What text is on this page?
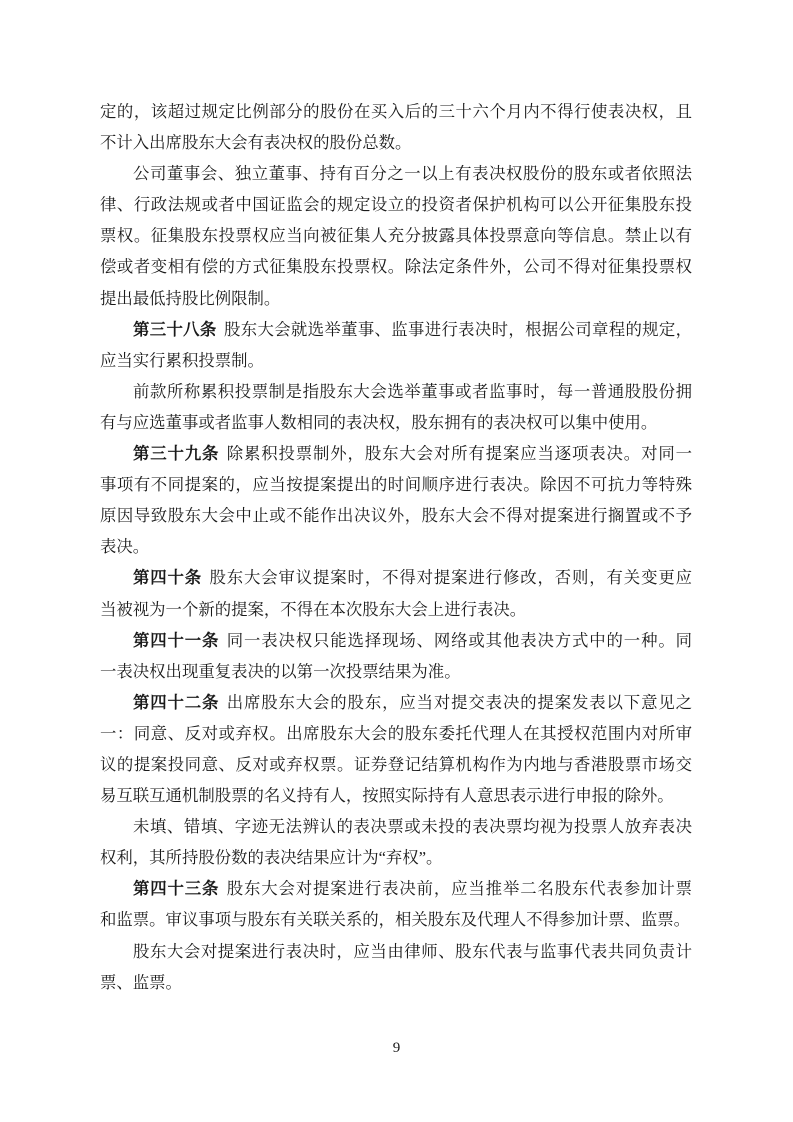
定的，该超过规定比例部分的股份在买入后的三十六个月内不得行使表决权，且
不计入出席股东大会有表决权的股份总数。
公司董事会、独立董事、持有百分之一以上有表决权股份的股东或者依照法
律、行政法规或者中国证监会的规定设立的投资者保护机构可以公开征集股东投
票权。征集股东投票权应当向被征集人充分披露具体投票意向等信息。禁止以有
偿或者变相有偿的方式征集股东投票权。除法定条件外，公司不得对征集投票权
提出最低持股比例限制。
第三十八条 股东大会就选举董事、监事进行表决时，根据公司章程的规定，
应当实行累积投票制。
前款所称累积投票制是指股东大会选举董事或者监事时，每一普通股股份拥
有与应选董事或者监事人数相同的表决权，股东拥有的表决权可以集中使用。
第三十九条 除累积投票制外，股东大会对所有提案应当逐项表决。对同一
事项有不同提案的，应当按提案提出的时间顺序进行表决。除因不可抗力等特殊
原因导致股东大会中止或不能作出决议外，股东大会不得对提案进行搁置或不予
表决。
第四十条 股东大会审议提案时，不得对提案进行修改，否则，有关变更应
当被视为一个新的提案，不得在本次股东大会上进行表决。
第四十一条 同一表决权只能选择现场、网络或其他表决方式中的一种。同
一表决权出现重复表决的以第一次投票结果为准。
第四十二条 出席股东大会的股东，应当对提交表决的提案发表以下意见之
一：同意、反对或弃权。出席股东大会的股东委托代理人在其授权范围内对所审
议的提案投同意、反对或弃权票。证券登记结算机构作为内地与香港股票市场交
易互联互通机制股票的名义持有人，按照实际持有人意思表示进行申报的除外。
未填、错填、字迹无法辨认的表决票或未投的表决票均视为投票人放弃表决
权利，其所持股份数的表决结果应计为“弃权”。
第四十三条 股东大会对提案进行表决前，应当推举二名股东代表参加计票
和监票。审议事项与股东有关联关系的，相关股东及代理人不得参加计票、监票。
股东大会对提案进行表决时，应当由律师、股东代表与监事代表共同负责计
票、监票。
9
